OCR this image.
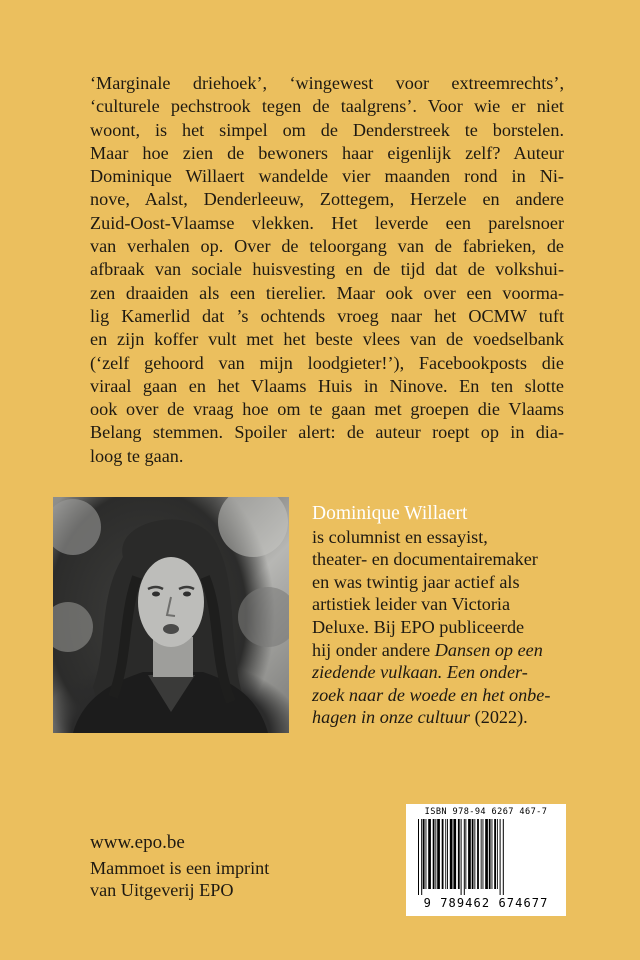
‘Marginale driehoek’, ‘wingewest voor extreemrechts’,
‘culturele pechstrook tegen de taalgrens’. Voor wie er niet
woont, is het simpel om de Denderstreek te borstelen.
Maar hoe zien de bewoners haar eigenlijk zelf? Auteur
Dominique Willaert wandelde vier maanden rond in Ni-
nove, Aalst, Denderleeuw, Zottegem, Herzele en andere
Zuid-Oost-Vlaamse vlekken. Het leverde een parelsnoer
van verhalen op. Over de teloorgang van de fabrieken, de
afbraak van sociale huisvesting en de tijd dat de volkshui-
zen draaiden als een tierelier. Maar ook over een voorma-
lig Kamerlid dat ’s ochtends vroeg naar het OCMW tuft
en zijn koffer vult met het beste vlees van de voedselbank
(‘zelf gehoord van mijn loodgieter!’), Facebookposts die
viraal gaan en het Vlaams Huis in Ninove. En ten slotte
ook over de vraag hoe om te gaan met groepen die Vlaams
Belang stemmen. Spoiler alert: de auteur roept op in dia-
loog te gaan.
Dominique Willaert
is columnist en essayist,
theater- en documentairemaker
en was twintig jaar actief als
artistiek leider van Victoria
Deluxe. Bij EPO publiceerde
hij onder andere Dansen op een
ziedende vulkaan. Een onder-
zoek naar de woede en het onbe-
hagen in onze cultuur (2022).
www.epo.be
Mammoet is een imprint
van Uitgeverij EPO
ISBN 978-94 6267 467-7
9 789462 674677
